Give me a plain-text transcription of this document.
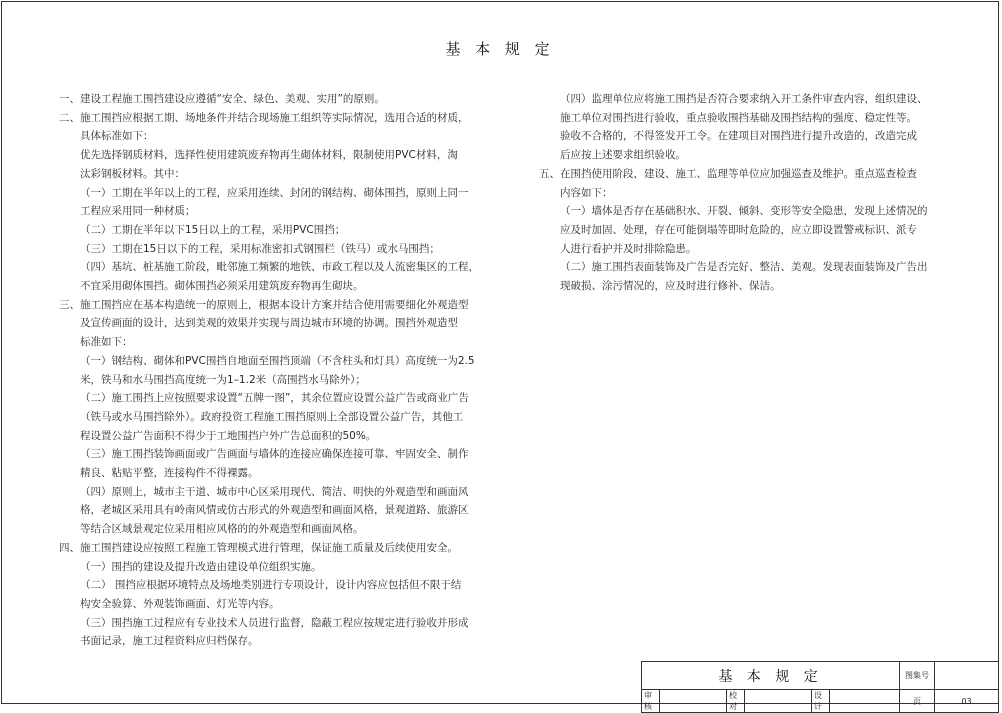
基 本 规 定

一、建设工程施工围挡建设应遵循“安全、绿色、美观、实用”的原则。

二、施工围挡应根据工期、场地条件并结合现场施工组织等实际情况，选用合适的材质，

具体标准如下：

优先选择钢质材料，选择性使用建筑废弃物再生砌体材料，限制使用PVC材料，淘

汰彩钢板材料。其中：

（一）工期在半年以上的工程，应采用连续、封闭的钢结构、砌体围挡，原则上同一

工程应采用同一种材质；

（二）工期在半年以下15日以上的工程，采用PVC围挡；

（三）工期在15日以下的工程，采用标准密扣式钢围栏（铁马）或水马围挡；

（四）基坑、桩基施工阶段，毗邻施工频繁的地铁、市政工程以及人流密集区的工程，

不宜采用砌体围挡。砌体围挡必须采用建筑废弃物再生砌块。

三、施工围挡应在基本构造统一的原则上，根据本设计方案并结合使用需要细化外观造型

及宣传画面的设计，达到美观的效果并实现与周边城市环境的协调。围挡外观造型

标准如下：

（一）钢结构、砌体和PVC围挡自地面至围挡顶端（不含柱头和灯具）高度统一为2.5

米，铁马和水马围挡高度统一为1–1.2米（高围挡水马除外）；

（二）施工围挡上应按照要求设置“五牌一图”，其余位置应设置公益广告或商业广告

（铁马或水马围挡除外）。政府投资工程施工围挡原则上全部设置公益广告，其他工

程设置公益广告面积不得少于工地围挡户外广告总面积的50%。

（三）施工围挡装饰画面或广告画面与墙体的连接应确保连接可靠、牢固安全、制作

精良、粘贴平整，连接构件不得裸露。

（四）原则上，城市主干道、城市中心区采用现代、简洁、明快的外观造型和画面风

格，老城区采用具有岭南风情或仿古形式的外观造型和画面风格，景观道路、旅游区

等结合区域景观定位采用相应风格的的外观造型和画面风格。

四、施工围挡建设应按照工程施工管理模式进行管理，保证施工质量及后续使用安全。

（一）围挡的建设及提升改造由建设单位组织实施。

（二） 围挡应根据环境特点及场地类别进行专项设计，设计内容应包括但不限于结

构安全验算、外观装饰画面、灯光等内容。

（三）围挡施工过程应有专业技术人员进行监督，隐蔽工程应按规定进行验收并形成

书面记录，施工过程资料应归档保存。

（四）监理单位应将施工围挡是否符合要求纳入开工条件审查内容，组织建设、

施工单位对围挡进行验收，重点验收围挡基础及围挡结构的强度、稳定性等。

验收不合格的，不得签发开工令。在建项目对围挡进行提升改造的，改造完成

后应按上述要求组织验收。

五、在围挡使用阶段，建设、施工、监理等单位应加强巡查及维护。重点巡查检查

内容如下：

（一）墙体是否存在基础积水、开裂、倾斜、变形等安全隐患，发现上述情况的

应及时加固、处理，存在可能倒塌等即时危险的，应立即设置警戒标识、派专

人进行看护并及时排除隐患。

（二）施工围挡表面装饰及广告是否完好、整洁、美观。发现表面装饰及广告出

现破损、涂污情况的，应及时进行修补、保洁。

基 本 规 定						图集号	
审核		校对		设计		页	03
